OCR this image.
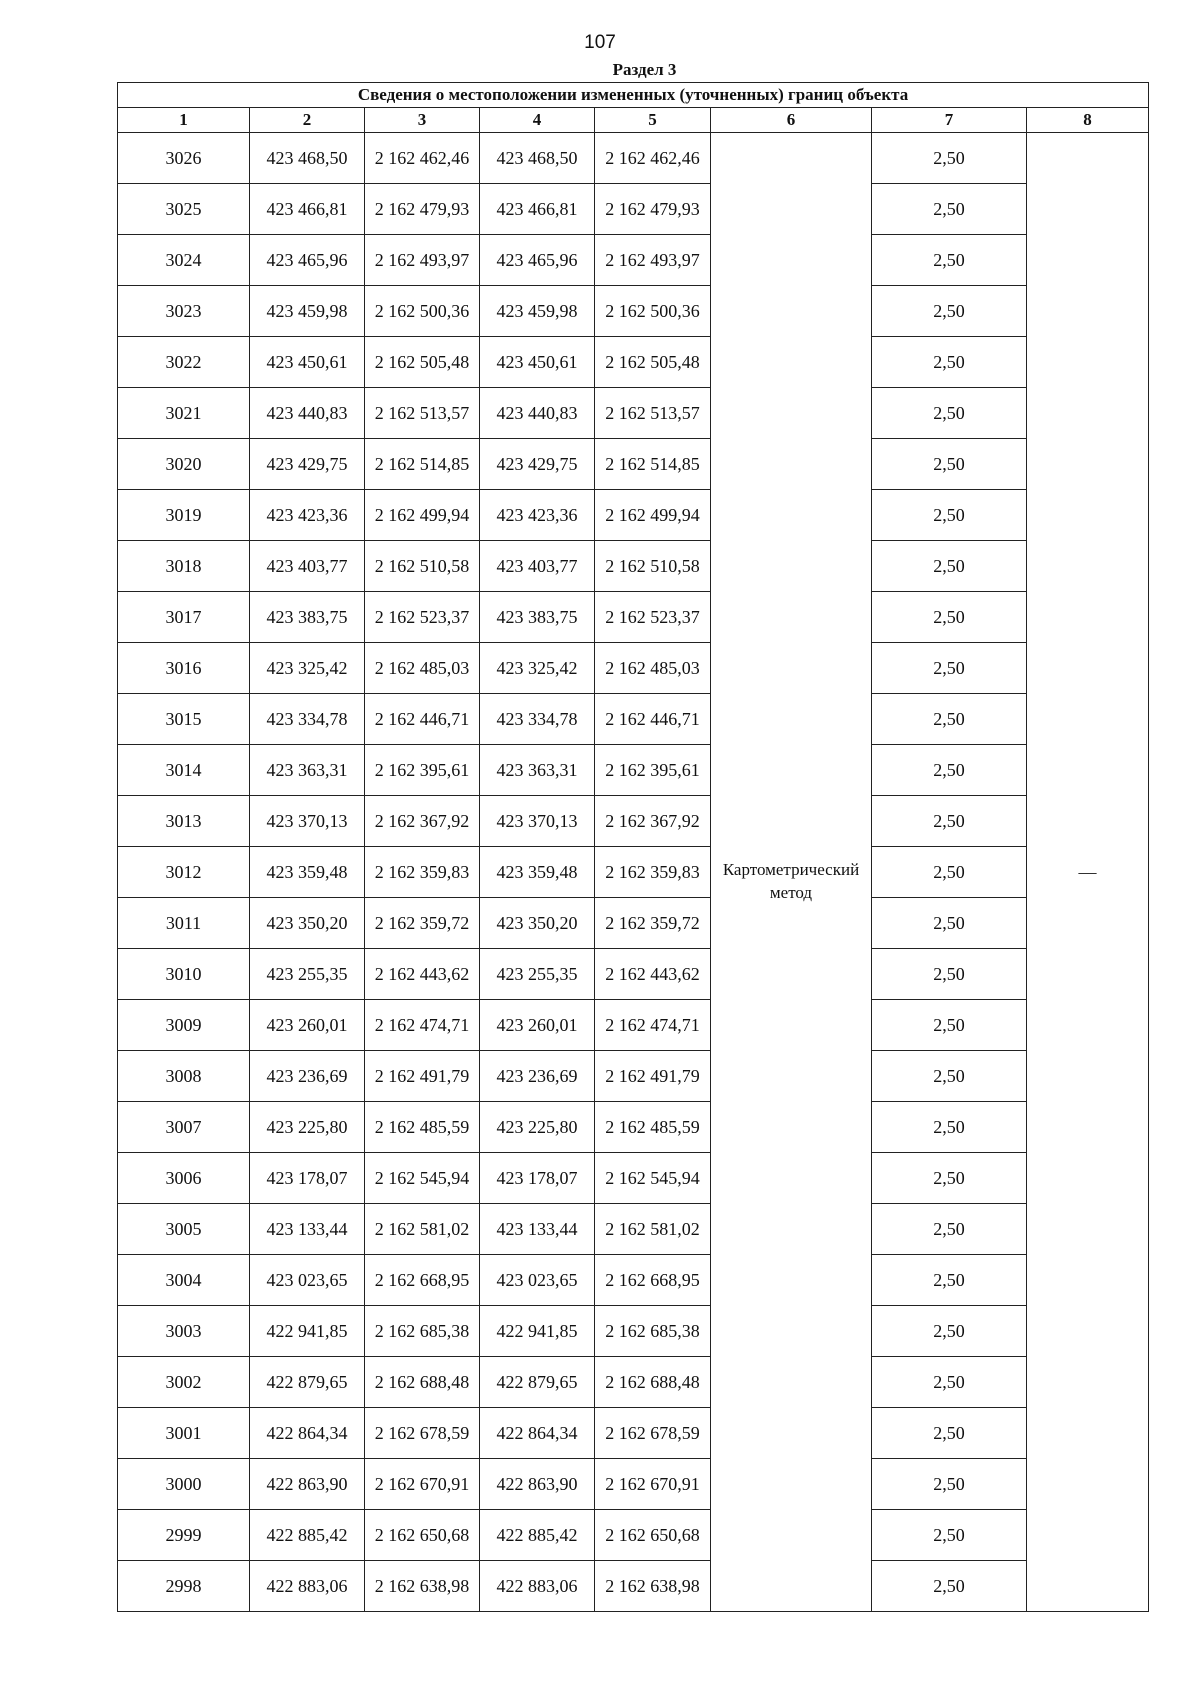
107
Раздел 3
Сведения о местоположении измененных (уточненных) границ объекта							
1	2	3	4	5	6	7	8
3026	423 468,50	2 162 462,46	423 468,50	2 162 462,46	Картометрический метод	2,50	—
3025	423 466,81	2 162 479,93	423 466,81	2 162 479,93		2,50	
3024	423 465,96	2 162 493,97	423 465,96	2 162 493,97		2,50	
3023	423 459,98	2 162 500,36	423 459,98	2 162 500,36		2,50	
3022	423 450,61	2 162 505,48	423 450,61	2 162 505,48		2,50	
3021	423 440,83	2 162 513,57	423 440,83	2 162 513,57		2,50	
3020	423 429,75	2 162 514,85	423 429,75	2 162 514,85		2,50	
3019	423 423,36	2 162 499,94	423 423,36	2 162 499,94		2,50	
3018	423 403,77	2 162 510,58	423 403,77	2 162 510,58		2,50	
3017	423 383,75	2 162 523,37	423 383,75	2 162 523,37		2,50	
3016	423 325,42	2 162 485,03	423 325,42	2 162 485,03		2,50	
3015	423 334,78	2 162 446,71	423 334,78	2 162 446,71		2,50	
3014	423 363,31	2 162 395,61	423 363,31	2 162 395,61		2,50	
3013	423 370,13	2 162 367,92	423 370,13	2 162 367,92		2,50	
3012	423 359,48	2 162 359,83	423 359,48	2 162 359,83		2,50	
3011	423 350,20	2 162 359,72	423 350,20	2 162 359,72		2,50	
3010	423 255,35	2 162 443,62	423 255,35	2 162 443,62		2,50	
3009	423 260,01	2 162 474,71	423 260,01	2 162 474,71		2,50	
3008	423 236,69	2 162 491,79	423 236,69	2 162 491,79		2,50	
3007	423 225,80	2 162 485,59	423 225,80	2 162 485,59		2,50	
3006	423 178,07	2 162 545,94	423 178,07	2 162 545,94		2,50	
3005	423 133,44	2 162 581,02	423 133,44	2 162 581,02		2,50	
3004	423 023,65	2 162 668,95	423 023,65	2 162 668,95		2,50	
3003	422 941,85	2 162 685,38	422 941,85	2 162 685,38		2,50	
3002	422 879,65	2 162 688,48	422 879,65	2 162 688,48		2,50	
3001	422 864,34	2 162 678,59	422 864,34	2 162 678,59		2,50	
3000	422 863,90	2 162 670,91	422 863,90	2 162 670,91		2,50	
2999	422 885,42	2 162 650,68	422 885,42	2 162 650,68		2,50	
2998	422 883,06	2 162 638,98	422 883,06	2 162 638,98		2,50	
